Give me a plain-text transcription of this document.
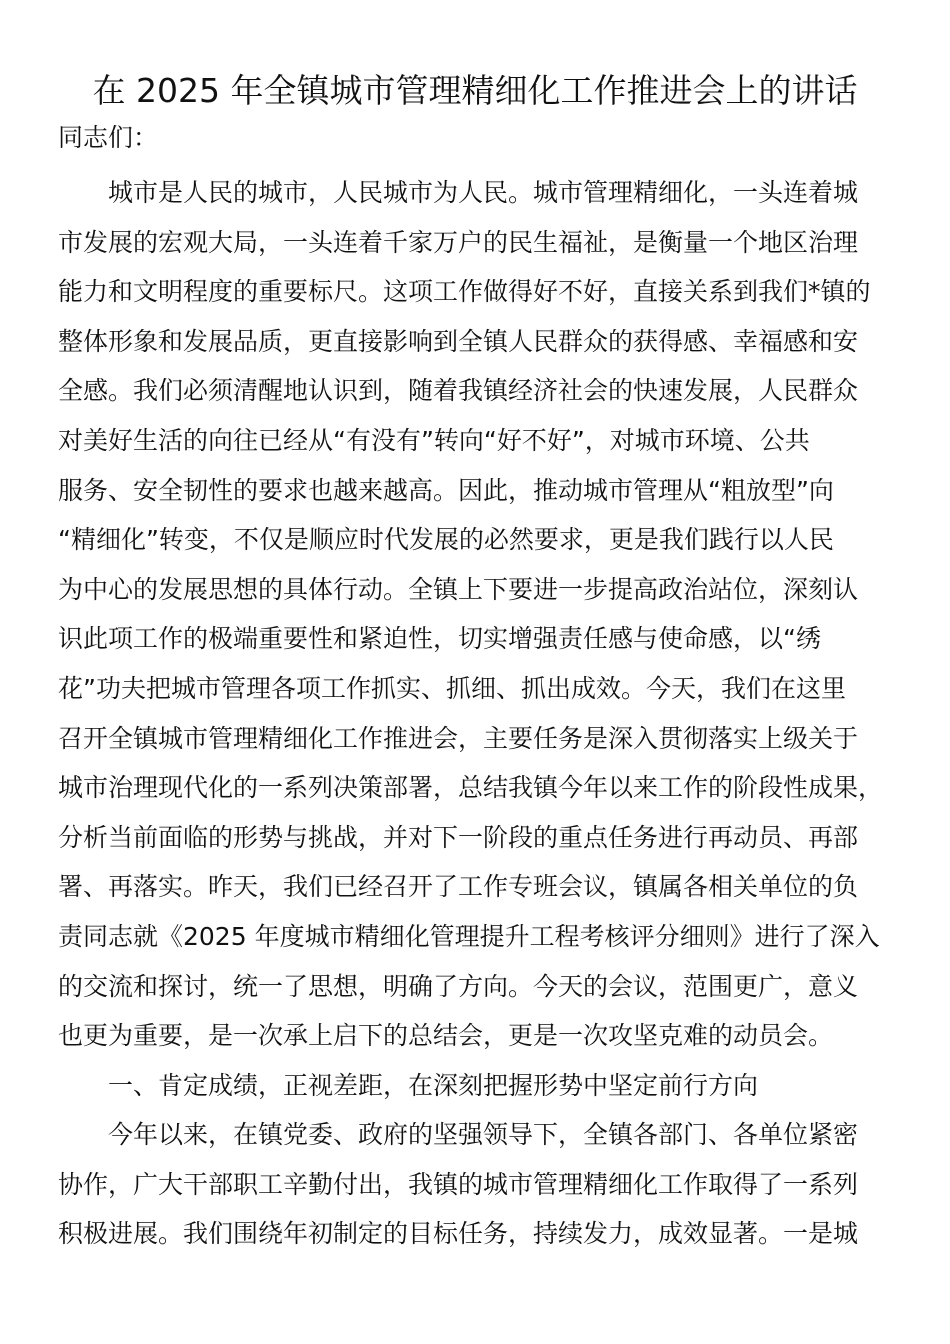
在 2025 年全镇城市管理精细化工作推进会上的讲话

同志们：

城市是人民的城市，人民城市为人民。城市管理精细化，一头连着城
市发展的宏观大局，一头连着千家万户的民生福祉，是衡量一个地区治理
能力和文明程度的重要标尺。这项工作做得好不好，直接关系到我们*镇的
整体形象和发展品质，更直接影响到全镇人民群众的获得感、幸福感和安
全感。我们必须清醒地认识到，随着我镇经济社会的快速发展，人民群众
对美好生活的向往已经从“有没有”转向“好不好”，对城市环境、公共
服务、安全韧性的要求也越来越高。因此，推动城市管理从“粗放型”向
“精细化”转变，不仅是顺应时代发展的必然要求，更是我们践行以人民
为中心的发展思想的具体行动。全镇上下要进一步提高政治站位，深刻认
识此项工作的极端重要性和紧迫性，切实增强责任感与使命感，以“绣
花”功夫把城市管理各项工作抓实、抓细、抓出成效。今天，我们在这里
召开全镇城市管理精细化工作推进会，主要任务是深入贯彻落实上级关于
城市治理现代化的一系列决策部署，总结我镇今年以来工作的阶段性成果，
分析当前面临的形势与挑战，并对下一阶段的重点任务进行再动员、再部
署、再落实。昨天，我们已经召开了工作专班会议，镇属各相关单位的负
责同志就《2025 年度城市精细化管理提升工程考核评分细则》进行了深入
的交流和探讨，统一了思想，明确了方向。今天的会议，范围更广，意义
也更为重要，是一次承上启下的总结会，更是一次攻坚克难的动员会。
一、肯定成绩，正视差距，在深刻把握形势中坚定前行方向
今年以来，在镇党委、政府的坚强领导下，全镇各部门、各单位紧密
协作，广大干部职工辛勤付出，我镇的城市管理精细化工作取得了一系列
积极进展。我们围绕年初制定的目标任务，持续发力，成效显著。一是城
